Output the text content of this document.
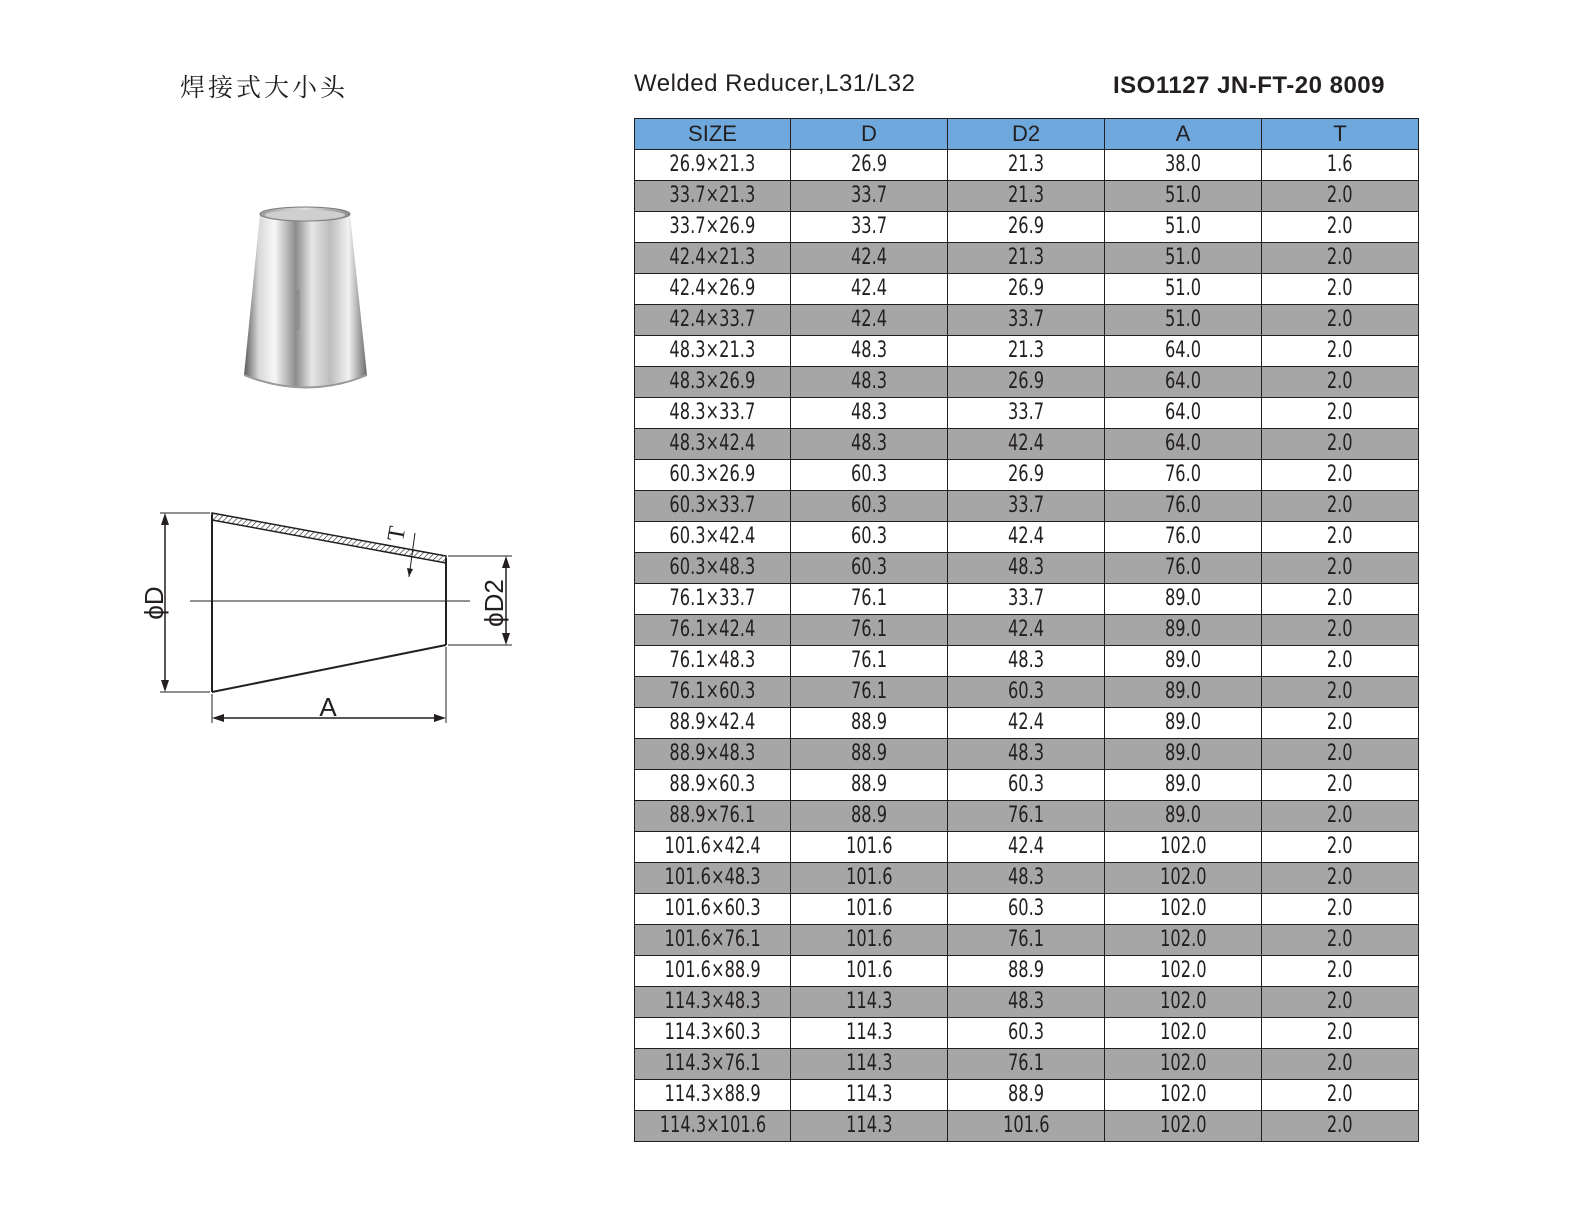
焊接式大小头	Welded Reducer,L31/L32	ISO1127 JN-FT-20 8009
ϕD	ϕD2
A
T
SIZE	D	D2	A	T
26.9×21.3	26.9	21.3	38.0	1.6
33.7×21.3	33.7	21.3	51.0	2.0
33.7×26.9	33.7	26.9	51.0	2.0
42.4×21.3	42.4	21.3	51.0	2.0
42.4×26.9	42.4	26.9	51.0	2.0
42.4×33.7	42.4	33.7	51.0	2.0
48.3×21.3	48.3	21.3	64.0	2.0
48.3×26.9	48.3	26.9	64.0	2.0
48.3×33.7	48.3	33.7	64.0	2.0
48.3×42.4	48.3	42.4	64.0	2.0
60.3×26.9	60.3	26.9	76.0	2.0
60.3×33.7	60.3	33.7	76.0	2.0
60.3×42.4	60.3	42.4	76.0	2.0
60.3×48.3	60.3	48.3	76.0	2.0
76.1×33.7	76.1	33.7	89.0	2.0
76.1×42.4	76.1	42.4	89.0	2.0
76.1×48.3	76.1	48.3	89.0	2.0
76.1×60.3	76.1	60.3	89.0	2.0
88.9×42.4	88.9	42.4	89.0	2.0
88.9×48.3	88.9	48.3	89.0	2.0
88.9×60.3	88.9	60.3	89.0	2.0
88.9×76.1	88.9	76.1	89.0	2.0
101.6×42.4	101.6	42.4	102.0	2.0
101.6×48.3	101.6	48.3	102.0	2.0
101.6×60.3	101.6	60.3	102.0	2.0
101.6×76.1	101.6	76.1	102.0	2.0
101.6×88.9	101.6	88.9	102.0	2.0
114.3×48.3	114.3	48.3	102.0	2.0
114.3×60.3	114.3	60.3	102.0	2.0
114.3×76.1	114.3	76.1	102.0	2.0
114.3×88.9	114.3	88.9	102.0	2.0
114.3×101.6	114.3	101.6	102.0	2.0
